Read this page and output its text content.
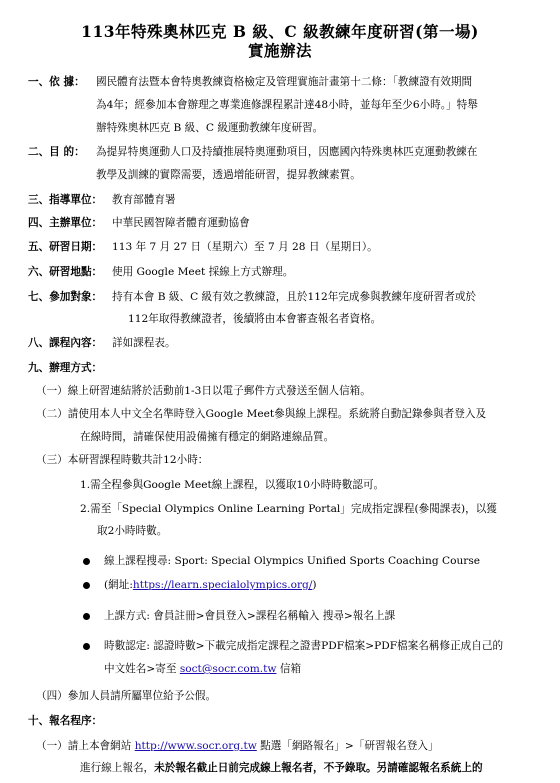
113年特殊奧林匹克 B 級、C 級教練年度研習(第一場)
實施辦法
一、依 據： 國民體育法暨本會特奧教練資格檢定及管理實施計畫第十二條：「教練證有效期間
為4年；經參加本會辦理之專業進修課程累計達48小時，並每年至少6小時。」特舉
辦特殊奧林匹克 B 級、C 級運動教練年度研習。
二、目 的： 為提昇特奧運動人口及持續推展特奧運動項目，因應國內特殊奧林匹克運動教練在
教學及訓練的實際需要，透過增能研習，提昇教練素質。
三、指導單位： 教育部體育署
四、主辦單位： 中華民國智障者體育運動協會
五、研習日期： 113 年 7 月 27 日（星期六）至 7 月 28 日（星期日）。
六、研習地點： 使用 Google Meet 採線上方式辦理。
七、參加對象： 持有本會 B 級、C 級有效之教練證，且於112年完成參與教練年度研習者或於
112年取得教練證者，後續將由本會審查報名者資格。
八、課程內容： 詳如課程表。
九、辦理方式：
（一）線上研習連結將於活動前1-3日以電子郵件方式發送至個人信箱。
（二）請使用本人中文全名準時登入Google Meet參與線上課程。系統將自動記錄參與者登入及
在線時間，請確保使用設備擁有穩定的網路連線品質。
（三）本研習課程時數共計12小時：
1.需全程參與Google Meet線上課程，以獲取10小時時數認可。
2.需至「Special Olympics Online Learning Portal」完成指定課程(參閱課表)，以獲
取2小時時數。
線上課程搜尋: Sport: Special Olympics Unified Sports Coaching Course
(網址:https://learn.specialolympics.org/)
上課方式: 會員註冊>會員登入>課程名稱輸入 搜尋>報名上課
時數認定: 認證時數>下載完成指定課程之證書PDF檔案>PDF檔案名稱修正成自己的
中文姓名>寄至 soct@socr.com.tw 信箱
（四）參加人員請所屬單位給予公假。
十、報名程序：
（一）請上本會網站 http://www.socr.org.tw 點選「網路報名」>「研習報名登入」
進行線上報名，未於報名截止日前完成線上報名者，不予錄取。另請確認報名系統上的
